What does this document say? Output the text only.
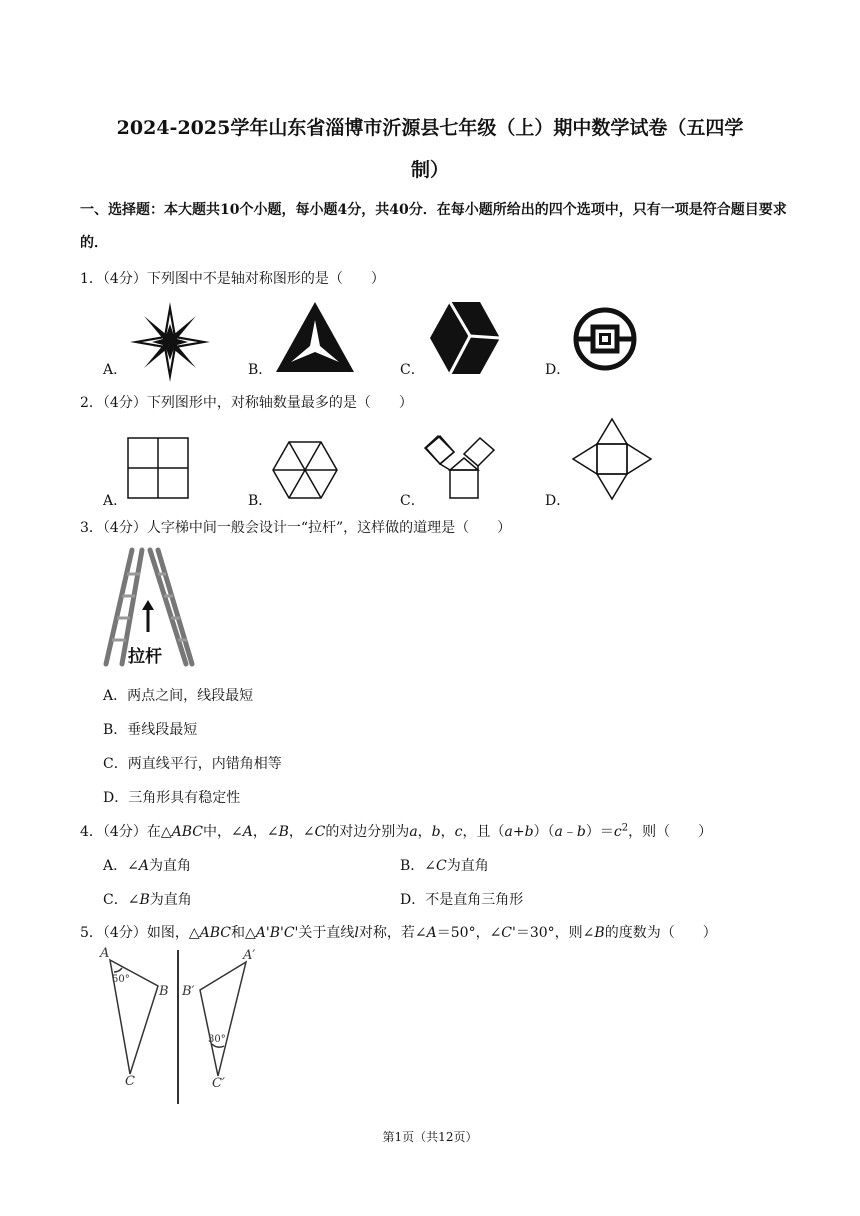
2024-2025学年山东省淄博市沂源县七年级（上）期中数学试卷（五四学
制）
一、选择题：本大题共10个小题，每小题4分，共40分．在每小题所给出的四个选项中，只有一项是符合题目要求的．
1．（4分）下列图中不是轴对称图形的是（　　）
A．	B．	C．	D．
2．（4分）下列图形中，对称轴数量最多的是（　　）
A．	B．	C．	D．
3．（4分）人字梯中间一般会设计一“拉杆”，这样做的道理是（　　）
拉杆
A．两点之间，线段最短
B．垂线段最短
C．两直线平行，内错角相等
D．三角形具有稳定性
4．（4分）在△ABC中，∠A，∠B，∠C的对边分别为a，b，c，且$(a+b)(a﹣b)=c^2$，则（　　）
A．∠A为直角	B．∠C为直角
C．∠B为直角	D．不是直角三角形
5．（4分）如图，△ABC和△A'B'C'关于直线l对称，若∠A＝50°，∠C'＝30°，则∠B的度数为（　　）
A
50°
B
C
A′
B′
30°
C′
第1页（共12页）
